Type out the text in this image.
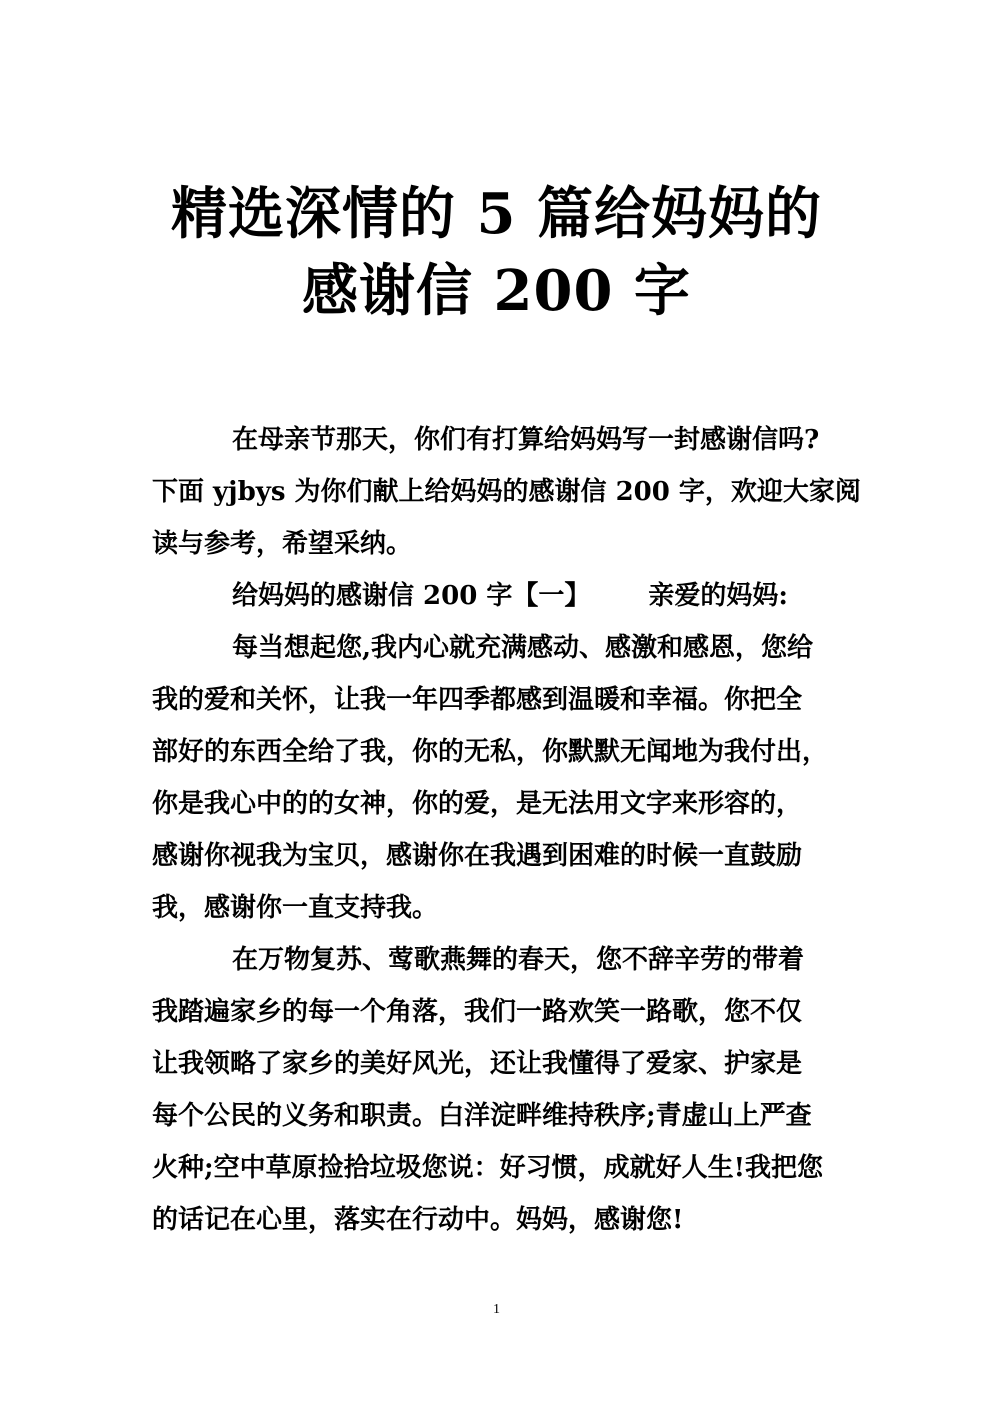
精选深情的 5 篇给妈妈的
感谢信 200 字
在母亲节那天，你们有打算给妈妈写一封感谢信吗?
下面 yjbys 为你们献上给妈妈的感谢信 200 字，欢迎大家阅
读与参考，希望采纳。
给妈妈的感谢信 200 字【一】 亲爱的妈妈:
每当想起您,我内心就充满感动、感激和感恩，您给
我的爱和关怀，让我一年四季都感到温暖和幸福。你把全
部好的东西全给了我，你的无私，你默默无闻地为我付出，
你是我心中的的女神，你的爱，是无法用文字来形容的，
感谢你视我为宝贝，感谢你在我遇到困难的时候一直鼓励
我，感谢你一直支持我。
在万物复苏、莺歌燕舞的春天，您不辞辛劳的带着
我踏遍家乡的每一个角落，我们一路欢笑一路歌，您不仅
让我领略了家乡的美好风光，还让我懂得了爱家、护家是
每个公民的义务和职责。白洋淀畔维持秩序;青虚山上严查
火种;空中草原捡拾垃圾您说：好习惯，成就好人生!我把您
的话记在心里，落实在行动中。妈妈，感谢您!
1
